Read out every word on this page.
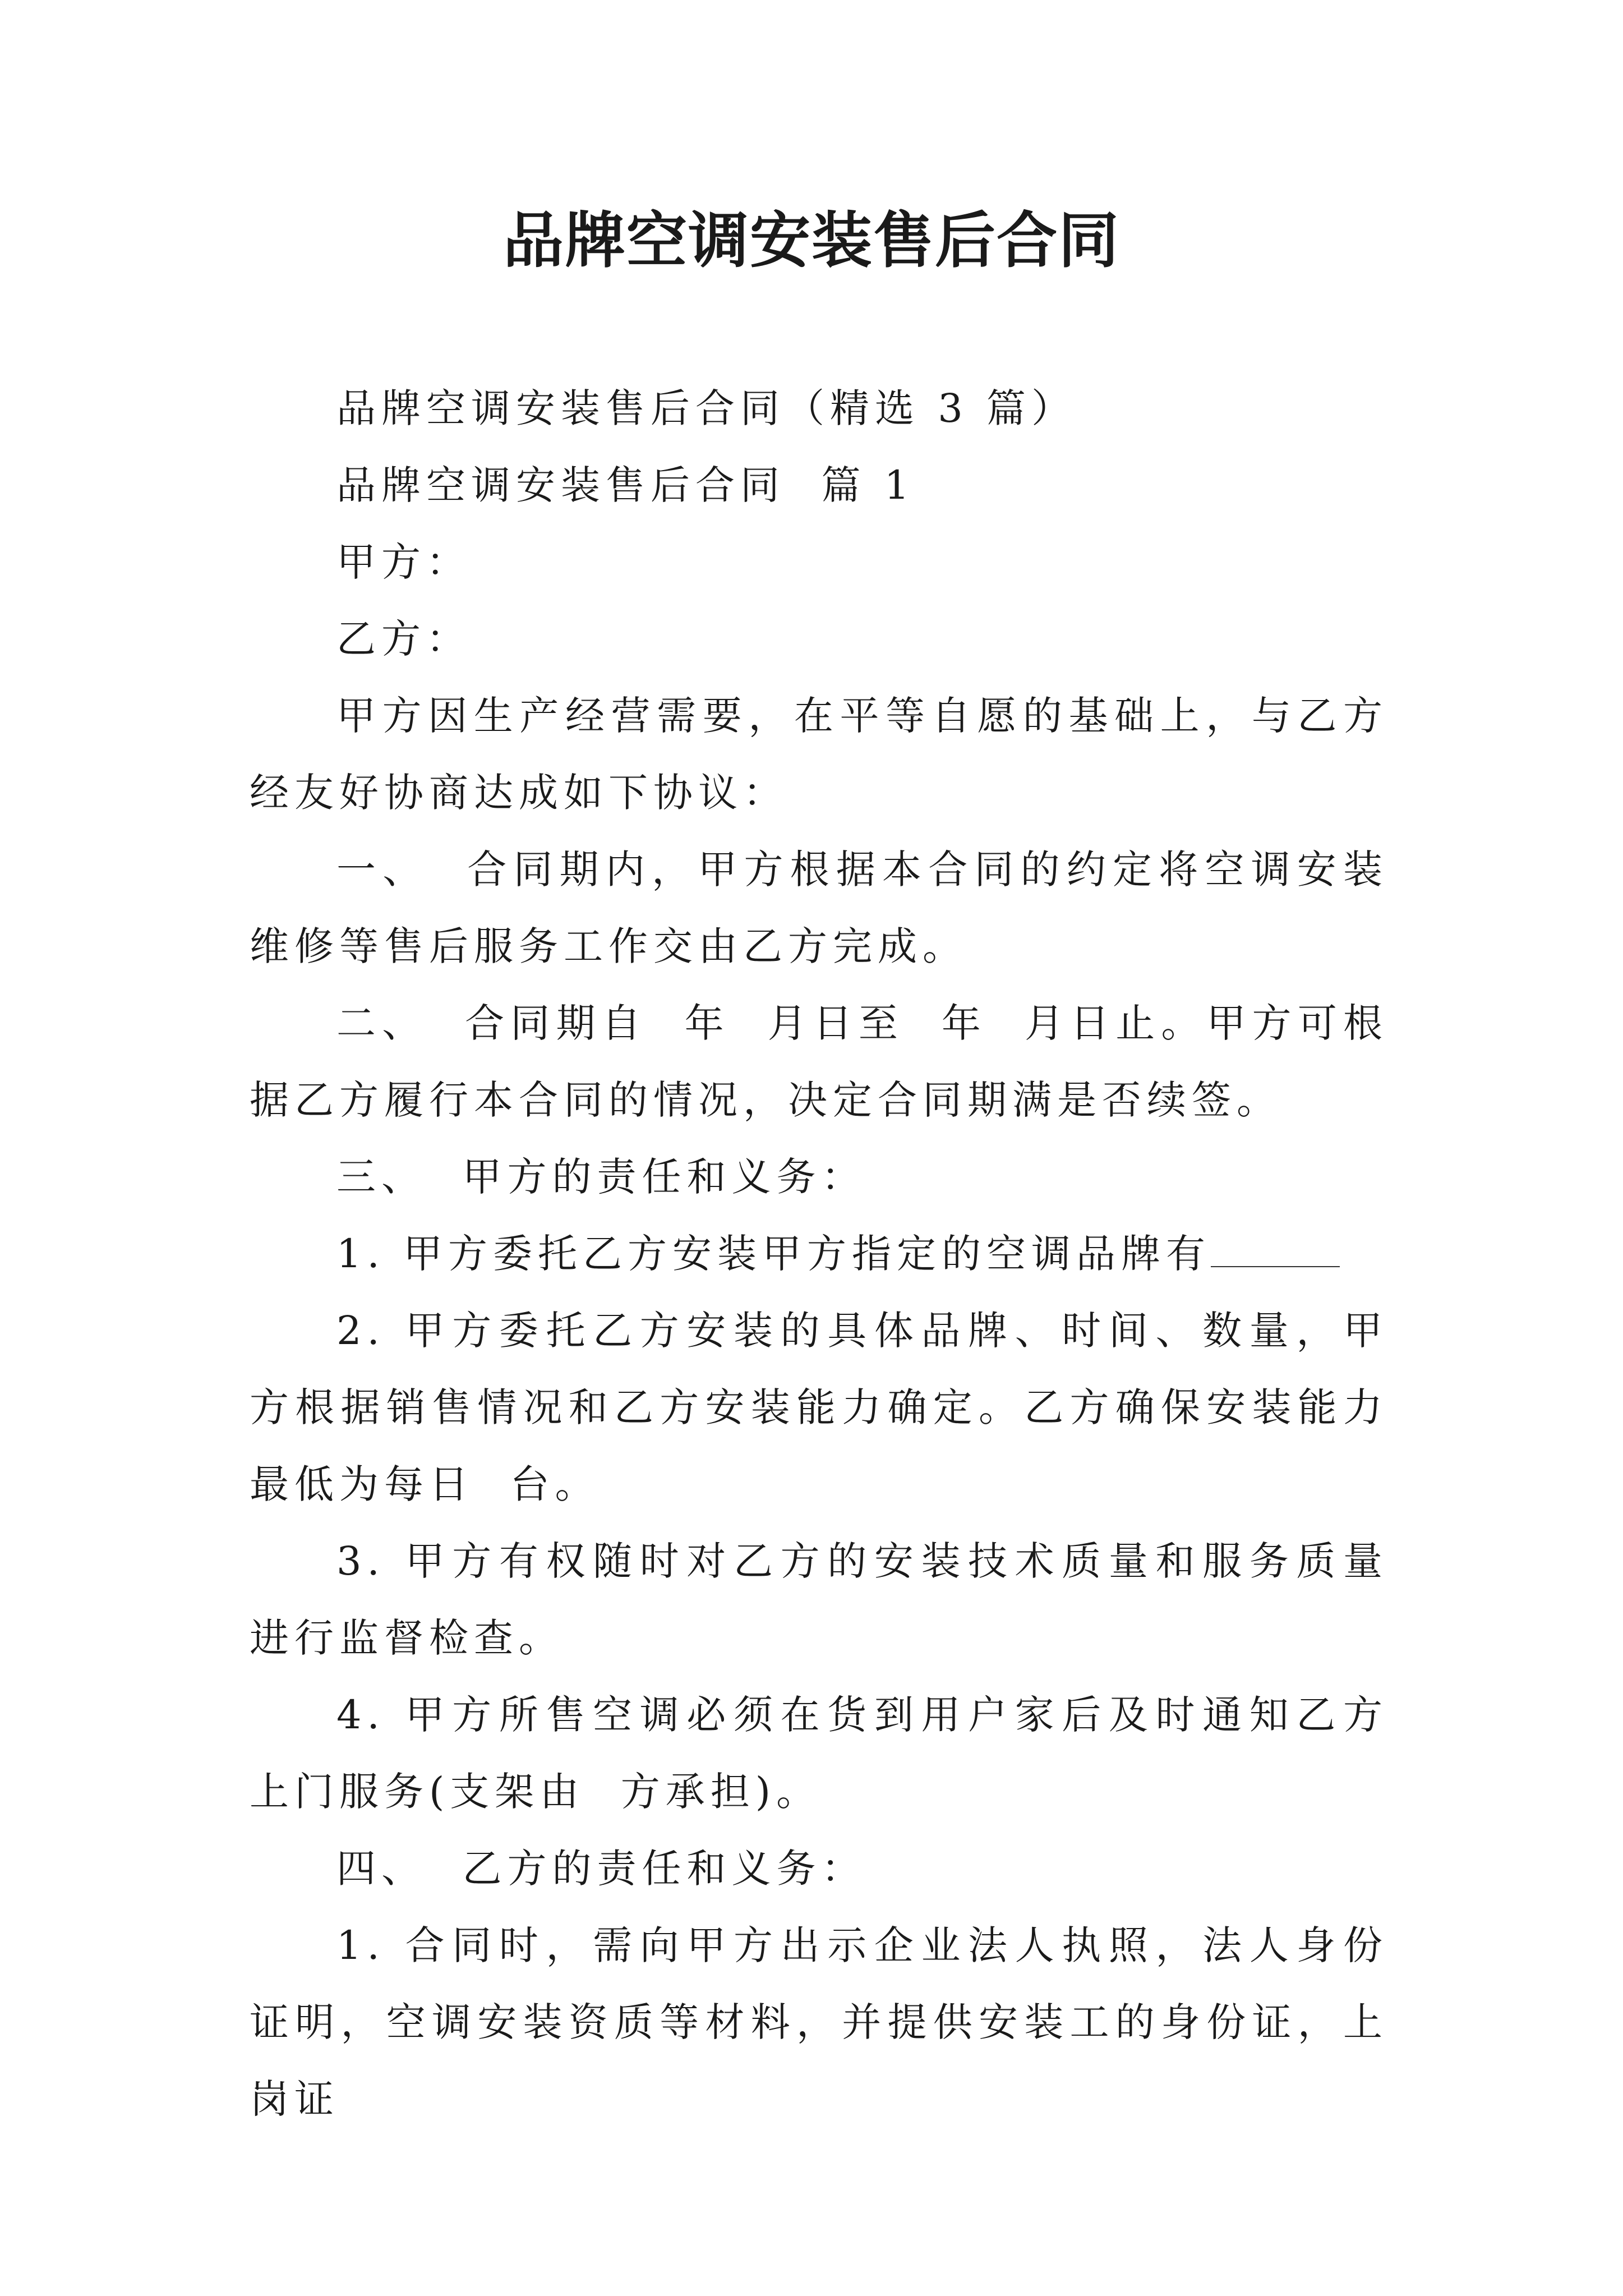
品牌空调安装售后合同

品牌空调安装售后合同（精选 3 篇）

品牌空调安装售后合同  篇 1

甲方：

乙方：

甲方因生产经营需要，在平等自愿的基础上，与乙方经友好协商达成如下协议：

一、  合同期内，甲方根据本合同的约定将空调安装维修等售后服务工作交由乙方完成。

二、  合同期自  年  月日至  年  月日止。甲方可根据乙方履行本合同的情况，决定合同期满是否续签。

三、  甲方的责任和义务：

1. 甲方委托乙方安装甲方指定的空调品牌有

2. 甲方委托乙方安装的具体品牌、时间、数量，甲方根据销售情况和乙方安装能力确定。乙方确保安装能力最低为每日  台。

3. 甲方有权随时对乙方的安装技术质量和服务质量进行监督检查。

4. 甲方所售空调必须在货到用户家后及时通知乙方上门服务(支架由  方承担)。

四、  乙方的责任和义务：

1. 合同时，需向甲方出示企业法人执照，法人身份证明，空调安装资质等材料，并提供安装工的身份证，上岗证
